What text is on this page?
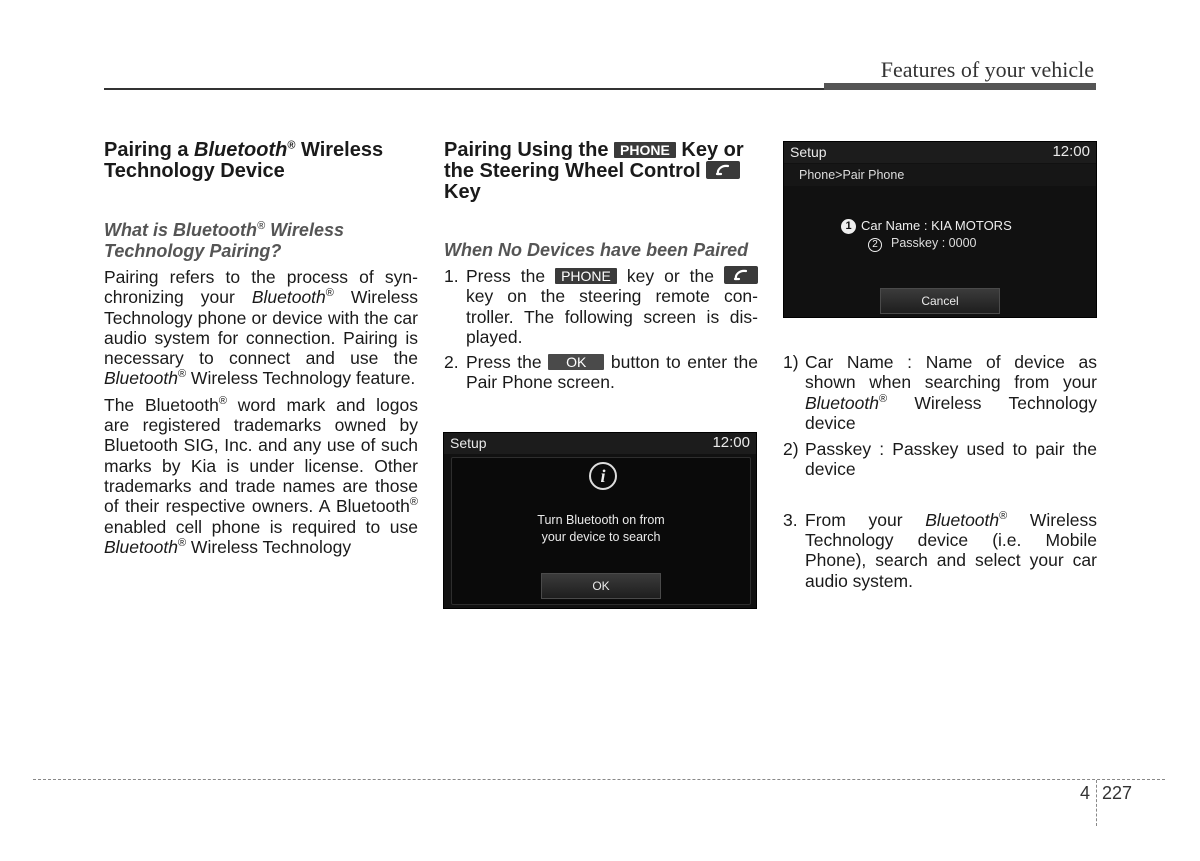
Features of your vehicle
Pairing a Bluetooth® Wireless Technology Device
What is Bluetooth® Wireless Technology Pairing?

Pairing refers to the process of syn-chronizing your Bluetooth® Wireless Technology phone or device with the car audio system for connection. Pairing is necessary to connect and use the Bluetooth® Wireless Technology feature.

The Bluetooth® word mark and logos are registered trademarks owned by Bluetooth SIG, Inc. and any use of such marks by Kia is under license. Other trademarks and trade names are those of their respective owners. A Bluetooth® enabled cell phone is required to use Bluetooth® Wireless Technology

Pairing Using the PHONE Key or the Steering Wheel Control
Key
When No Devices have been Paired
1. Press the PHONE key or the
key on the steering remote con-troller. The following screen is dis-played.
2. Press the OK button to enter the Pair Phone screen.
Setup	12:00
i
Turn Bluetooth on from
your device to search
OK
Setup	12:00
Phone>Pair Phone
1 Car Name : KIA MOTORS
2	Passkey : 0000
Cancel
1) Car Name : Name of device as shown when searching from your Bluetooth® Wireless Technology device
2) Passkey : Passkey used to pair the device
3. From your Bluetooth® Wireless Technology device (i.e. Mobile Phone), search and select your car audio system.
4 227
